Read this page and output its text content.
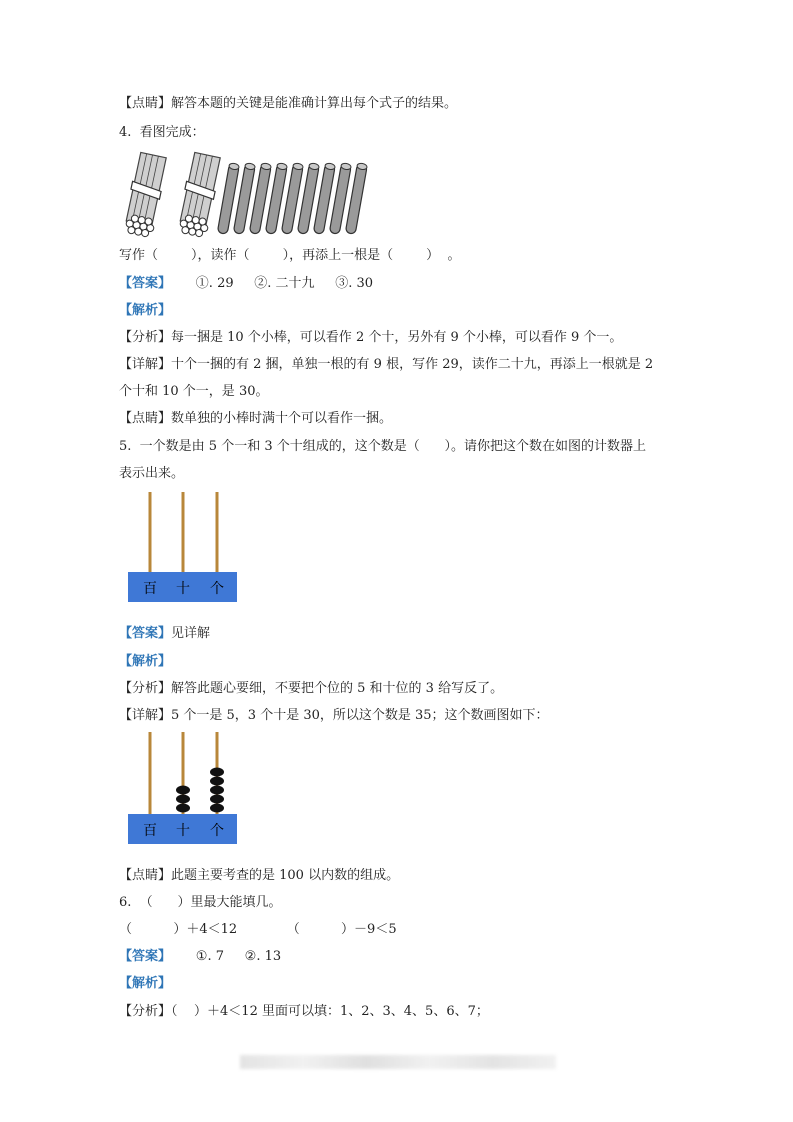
【点睛】解答本题的关键是能准确计算出每个式子的结果。
4.  看图完成：
写作（        ），读作（        ），再添上一根是（        ）  。
【答案】      ①. 29     ②. 二十九     ③. 30
【解析】
【分析】每一捆是 10 个小棒，可以看作 2 个十，另外有 9 个小棒，可以看作 9 个一。
【详解】十个一捆的有 2 捆，单独一根的有 9 根，写作 29，读作二十九，再添上一根就是 2
个十和 10 个一，是 30。
【点睛】数单独的小棒时满十个可以看作一捆。
5.  一个数是由 5 个一和 3 个十组成的，这个数是（      ）。请你把这个数在如图的计数器上
表示出来。
百 十 个
【答案】见详解
【解析】
【分析】解答此题心要细，不要把个位的 5 和十位的 3 给写反了。
【详解】5 个一是 5，3 个十是 30，所以这个数是 35；这个数画图如下：
百 十 个
【点睛】此题主要考查的是 100 以内数的组成。
6.  （      ）里最大能填几。
（          ）＋4＜12            （          ）－9＜5
【答案】      ①. 7     ②. 13
【解析】
【分析】（    ）＋4＜12 里面可以填：1、2、3、4、5、6、7；
